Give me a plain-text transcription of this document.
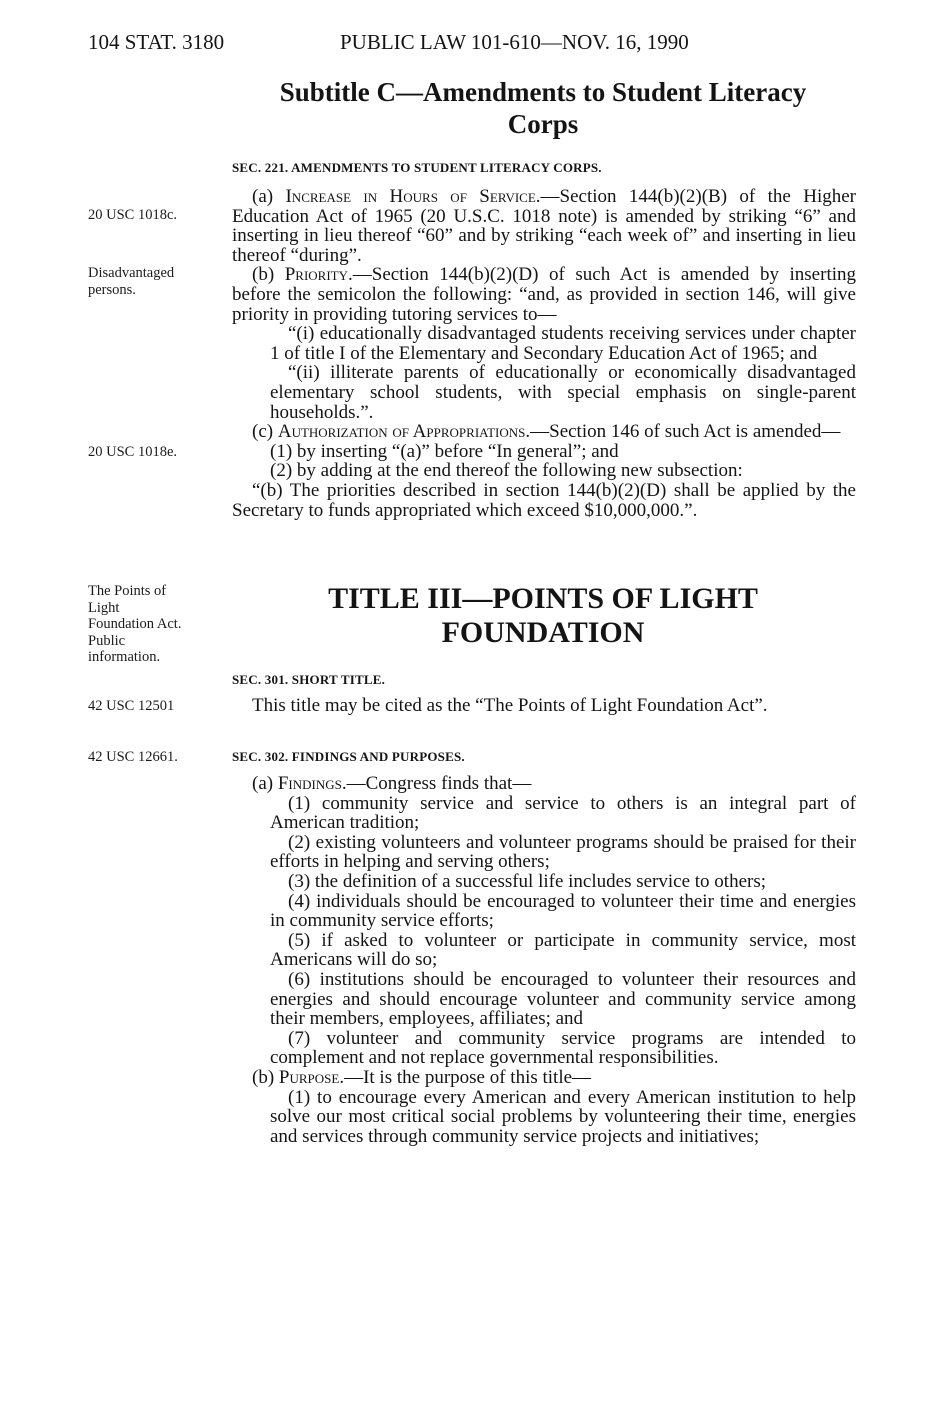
104 STAT. 3180	PUBLIC LAW 101-610—NOV. 16, 1990
Subtitle C—Amendments to Student Literacy
Corps
SEC. 221. AMENDMENTS TO STUDENT LITERACY CORPS.
20 USC 1018c.
Disadvantaged
persons.
20 USC 1018e.
The Points of
Light
Foundation Act.
Public
information.
42 USC 12501
42 USC 12661.

(a) Increase in Hours of Service.—Section 144(b)(2)(B) of the Higher Education Act of 1965 (20 U.S.C. 1018 note) is amended by striking “6” and inserting in lieu thereof “60” and by striking “each week of” and inserting in lieu thereof “during”.

(b) Priority.—Section 144(b)(2)(D) of such Act is amended by inserting before the semicolon the following: “and, as provided in section 146, will give priority in providing tutoring services to—

“(i) educationally disadvantaged students receiving services under chapter 1 of title I of the Elementary and Secondary Education Act of 1965; and

“(ii) illiterate parents of educationally or economically disadvantaged elementary school students, with special emphasis on single-parent households.”.

(c) Authorization of Appropriations.—Section 146 of such Act is amended—

(1) by inserting “(a)” before “In general”; and

(2) by adding at the end thereof the following new subsection:

“(b) The priorities described in section 144(b)(2)(D) shall be applied by the Secretary to funds appropriated which exceed $10,000,000.”.

TITLE III—POINTS OF LIGHT
FOUNDATION
SEC. 301. SHORT TITLE.

This title may be cited as the “The Points of Light Foundation Act”.

SEC. 302. FINDINGS AND PURPOSES.

(a) Findings.—Congress finds that—

(1) community service and service to others is an integral part of American tradition;

(2) existing volunteers and volunteer programs should be praised for their efforts in helping and serving others;

(3) the definition of a successful life includes service to others;

(4) individuals should be encouraged to volunteer their time and energies in community service efforts;

(5) if asked to volunteer or participate in community service, most Americans will do so;

(6) institutions should be encouraged to volunteer their resources and energies and should encourage volunteer and community service among their members, employees, affiliates; and

(7) volunteer and community service programs are intended to complement and not replace governmental responsibilities.

(b) Purpose.—It is the purpose of this title—

(1) to encourage every American and every American institution to help solve our most critical social problems by volunteering their time, energies and services through community service projects and initiatives;
